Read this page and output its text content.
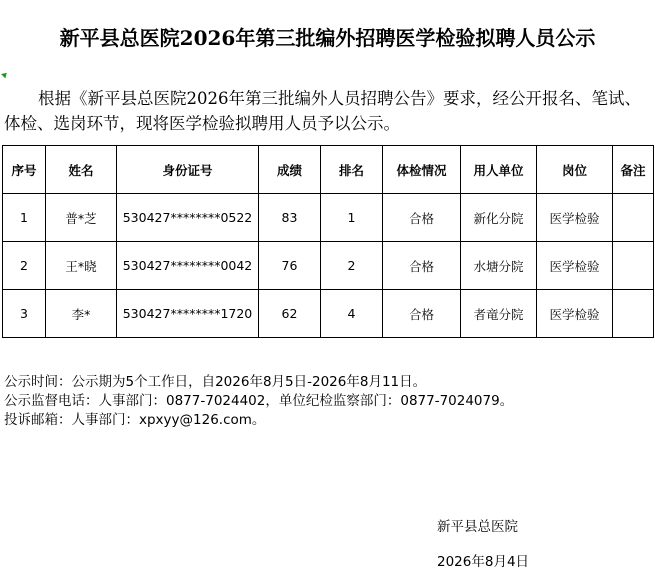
新平县总医院2026年第三批编外招聘医学检验拟聘人员公示
根据《新平县总医院2026年第三批编外人员招聘公告》要求，经公开报名、笔试、体检、选岗环节，现将医学检验拟聘用人员予以公示。
序号	姓名	身份证号	成绩	排名	体检情况	用人单位	岗位	备注
1	普*芝	530427********0522	83	1	合格	新化分院	医学检验	
2	王*晓	530427********0042	76	2	合格	水塘分院	医学检验	
3	李*	530427********1720	62	4	合格	者竜分院	医学检验	
公示时间：公示期为5个工作日，自2026年8月5日-2026年8月11日。
公示监督电话：人事部门：0877-7024402，单位纪检监察部门：0877-7024079。
投诉邮箱：人事部门：xpxyy@126.com。
新平县总医院
2026年8月4日
